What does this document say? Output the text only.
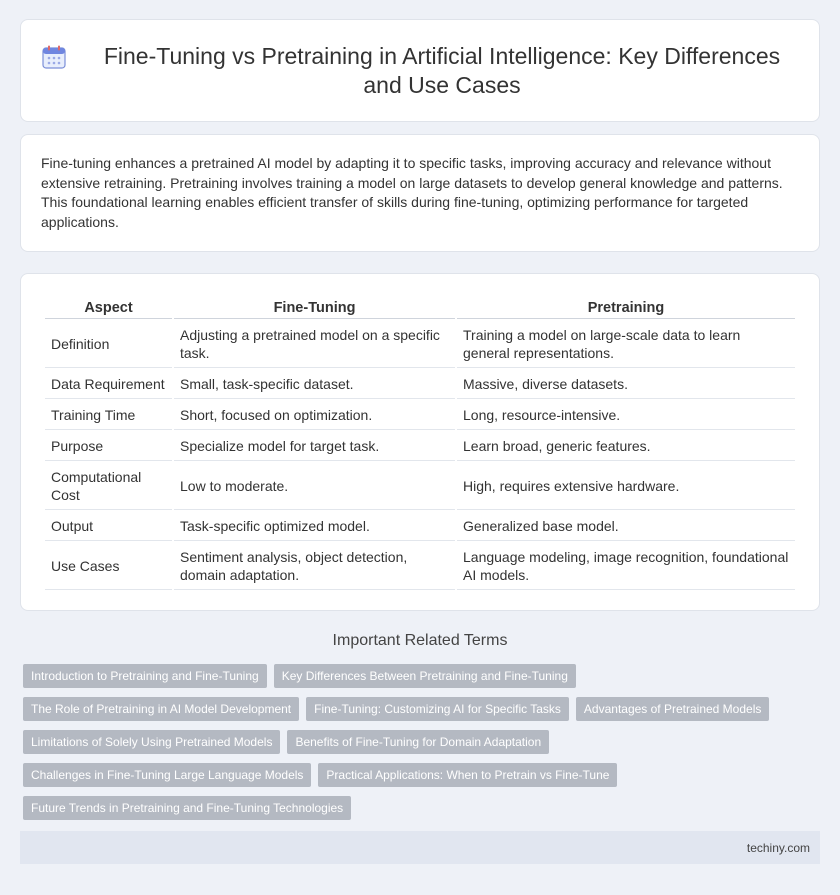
Fine-Tuning vs Pretraining in Artificial Intelligence: Key Differences and Use Cases

Fine-tuning enhances a pretrained AI model by adapting it to specific tasks, improving accuracy and relevance without extensive retraining. Pretraining involves training a model on large datasets to develop general knowledge and patterns. This foundational learning enables efficient transfer of skills during fine-tuning, optimizing performance for targeted applications.

Aspect	Fine-Tuning	Pretraining
Definition	Adjusting a pretrained model on a specific task.	Training a model on large-scale data to learn general representations.
Data Requirement	Small, task-specific dataset.	Massive, diverse datasets.
Training Time	Short, focused on optimization.	Long, resource-intensive.
Purpose	Specialize model for target task.	Learn broad, generic features.
Computational Cost	Low to moderate.	High, requires extensive hardware.
Output	Task-specific optimized model.	Generalized base model.
Use Cases	Sentiment analysis, object detection, domain adaptation.	Language modeling, image recognition, foundational AI models.
Important Related Terms
Introduction to Pretraining and Fine-Tuning	Key Differences Between Pretraining and Fine-Tuning
The Role of Pretraining in AI Model Development	Fine-Tuning: Customizing AI for Specific Tasks	Advantages of Pretrained Models
Limitations of Solely Using Pretrained Models	Benefits of Fine-Tuning for Domain Adaptation
Challenges in Fine-Tuning Large Language Models	Practical Applications: When to Pretrain vs Fine-Tune
Future Trends in Pretraining and Fine-Tuning Technologies
techiny.com
